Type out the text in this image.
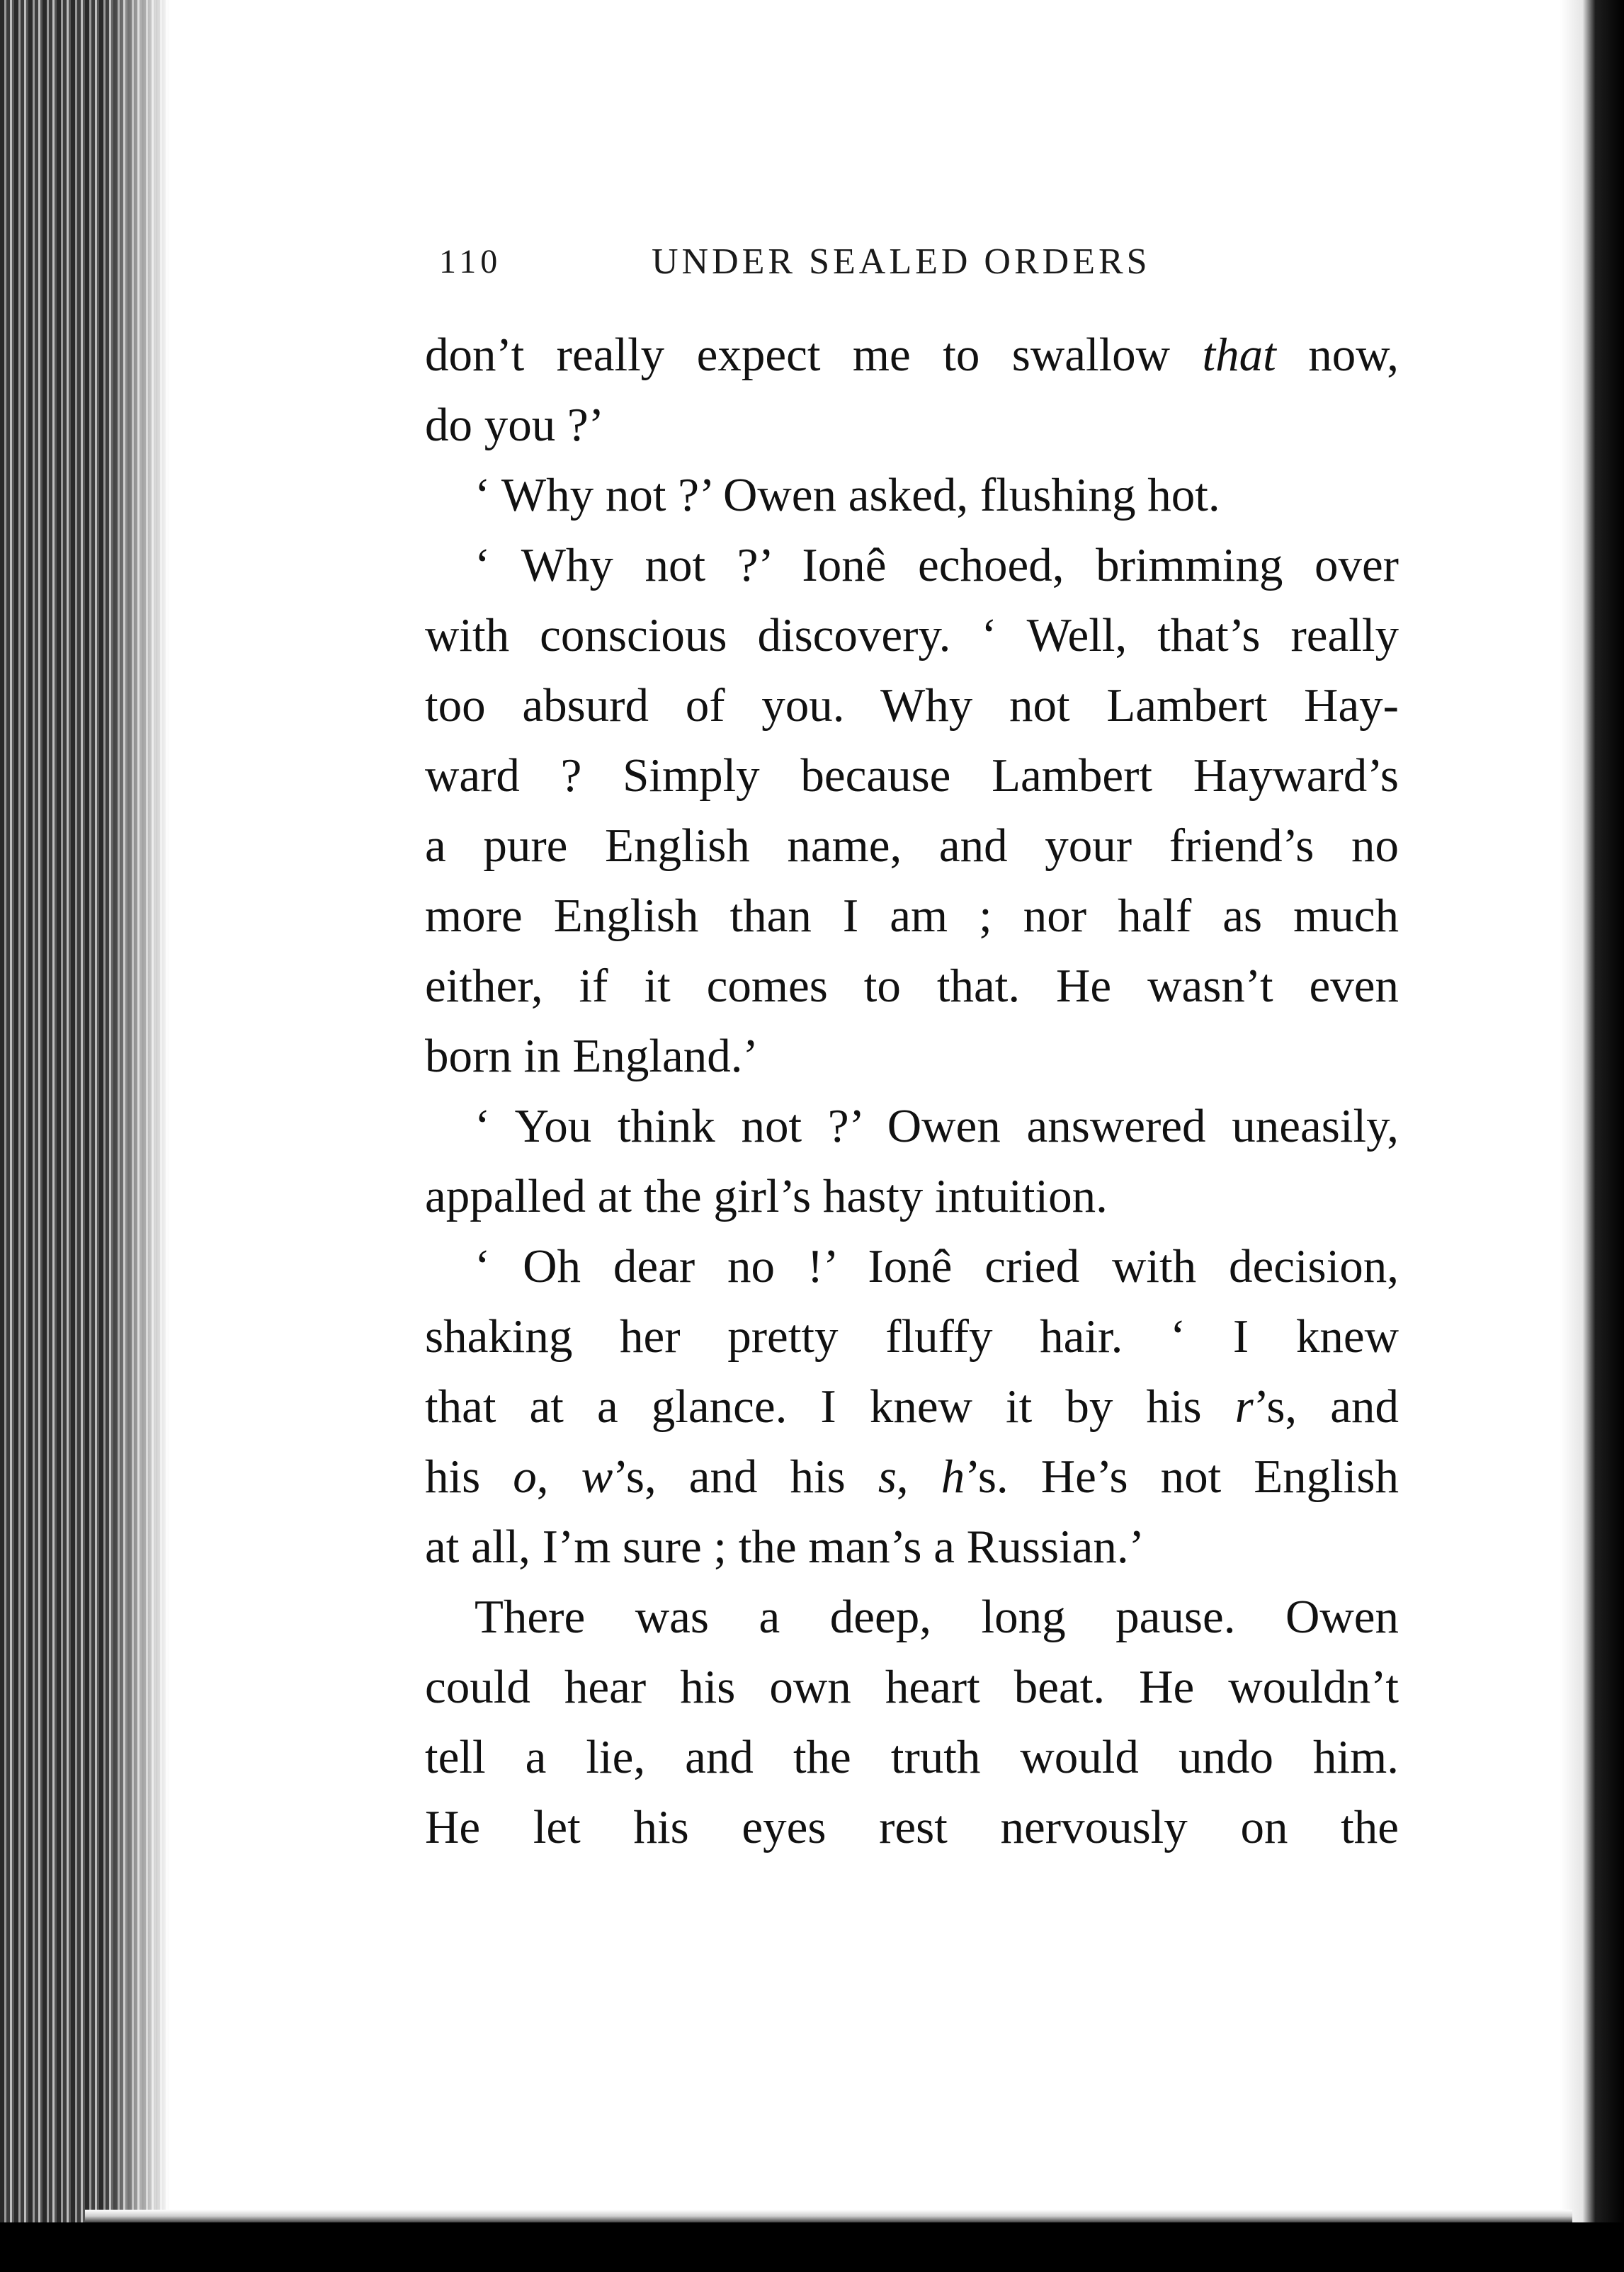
110	UNDER SEALED ORDERS
don’t really expect me to swallow that now,
do you ?’
‘ Why not ?’ Owen asked, flushing hot.
‘ Why not ?’ Ionê echoed, brimming over
with conscious discovery. ‘ Well, that’s really
too absurd of you. Why not Lambert Hay-
ward ? Simply because Lambert Hayward’s
a pure English name, and your friend’s no
more English than I am ; nor half as much
either, if it comes to that. He wasn’t even
born in England.’
‘ You think not ?’ Owen answered uneasily,
appalled at the girl’s hasty intuition.
‘ Oh dear no !’ Ionê cried with decision,
shaking her pretty fluffy hair. ‘ I knew
that at a glance. I knew it by his r’s, and
his o, w’s, and his s, h’s. He’s not English
at all, I’m sure ; the man’s a Russian.’
There was a deep, long pause. Owen
could hear his own heart beat. He wouldn’t
tell a lie, and the truth would undo him.
He let his eyes rest nervously on the
